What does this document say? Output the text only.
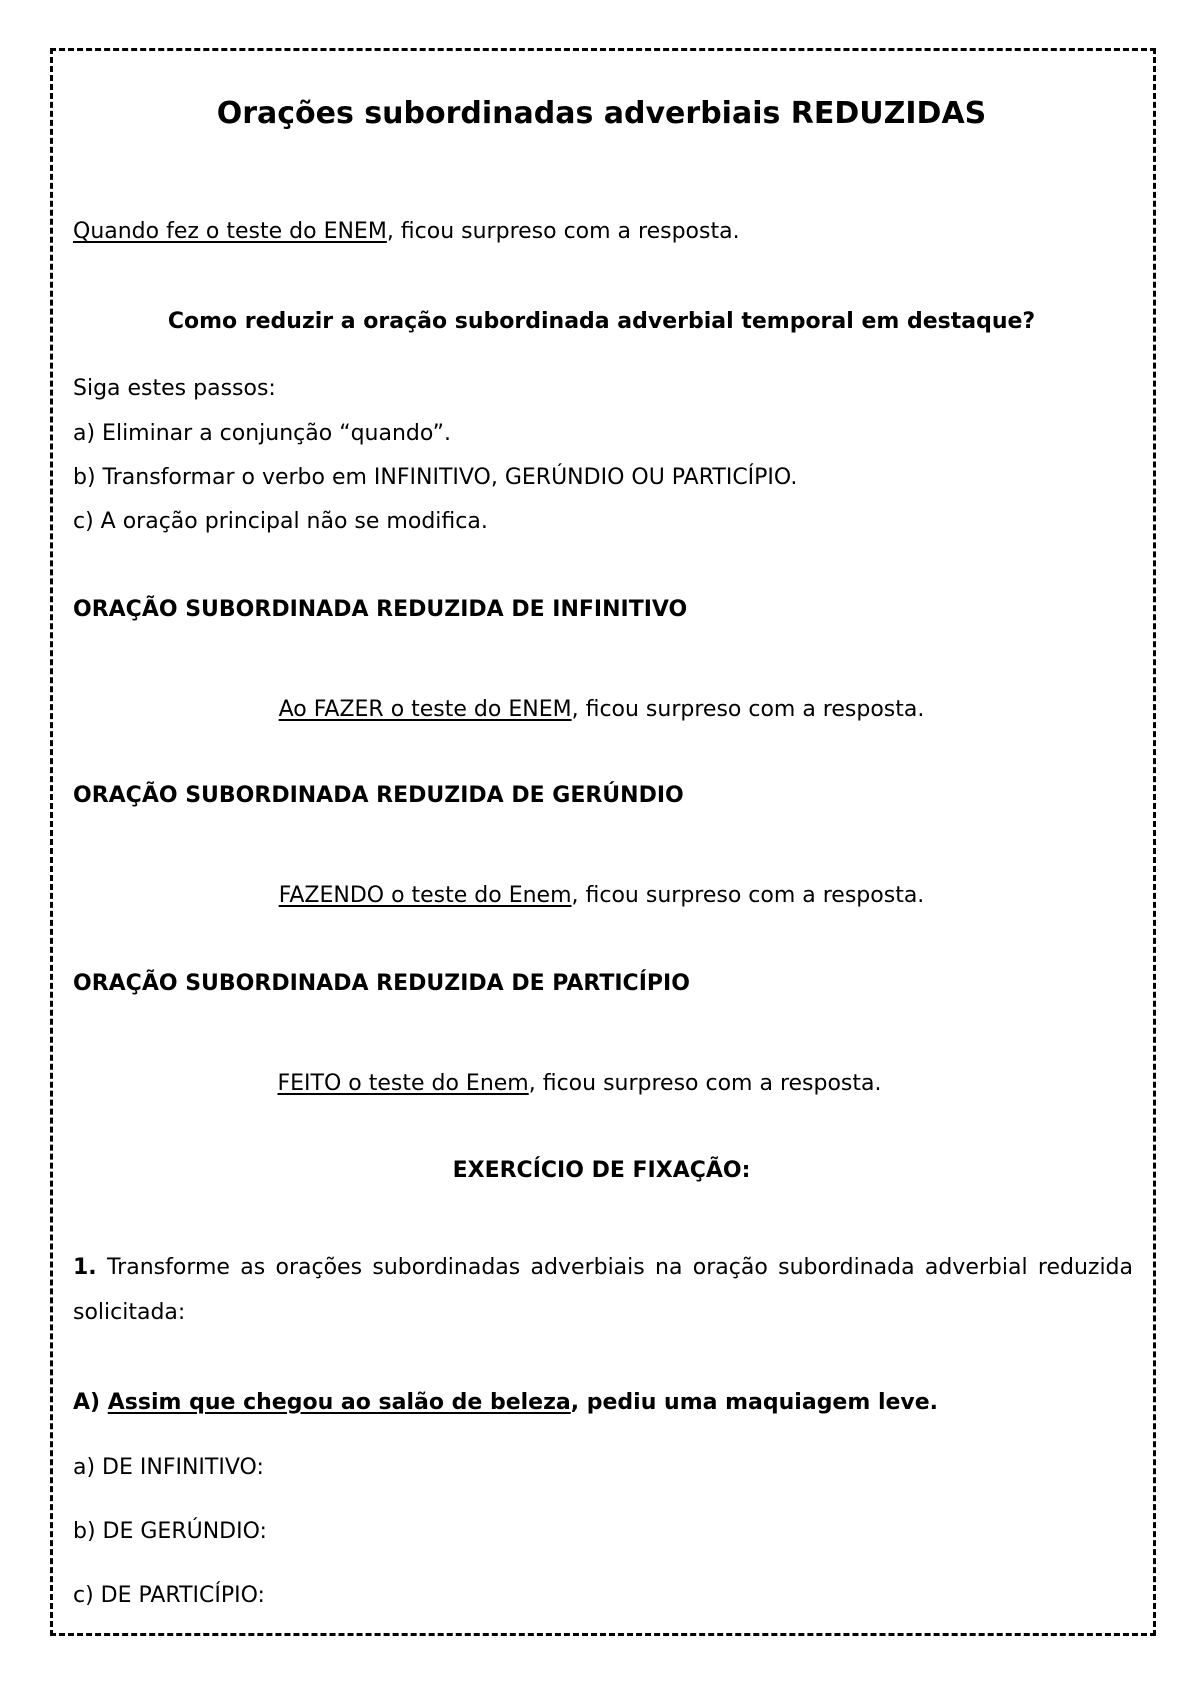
Orações subordinadas adverbiais REDUZIDAS

Quando fez o teste do ENEM, ficou surpreso com a resposta.

Como reduzir a oração subordinada adverbial temporal em destaque?

Siga estes passos:

a) Eliminar a conjunção “quando”.

b) Transformar o verbo em INFINITIVO, GERÚNDIO OU PARTICÍPIO.

c) A oração principal não se modifica.

ORAÇÃO SUBORDINADA REDUZIDA DE INFINITIVO

Ao FAZER o teste do ENEM, ficou surpreso com a resposta.

ORAÇÃO SUBORDINADA REDUZIDA DE GERÚNDIO

FAZENDO o teste do Enem, ficou surpreso com a resposta.

ORAÇÃO SUBORDINADA REDUZIDA DE PARTICÍPIO

FEITO o teste do Enem, ficou surpreso com a resposta.

EXERCÍCIO DE FIXAÇÃO:

1. Transforme as orações subordinadas adverbiais na oração subordinada adverbial reduzida solicitada:

A) Assim que chegou ao salão de beleza, pediu uma maquiagem leve.

a) DE INFINITIVO:

b) DE GERÚNDIO:

c) DE PARTICÍPIO:
